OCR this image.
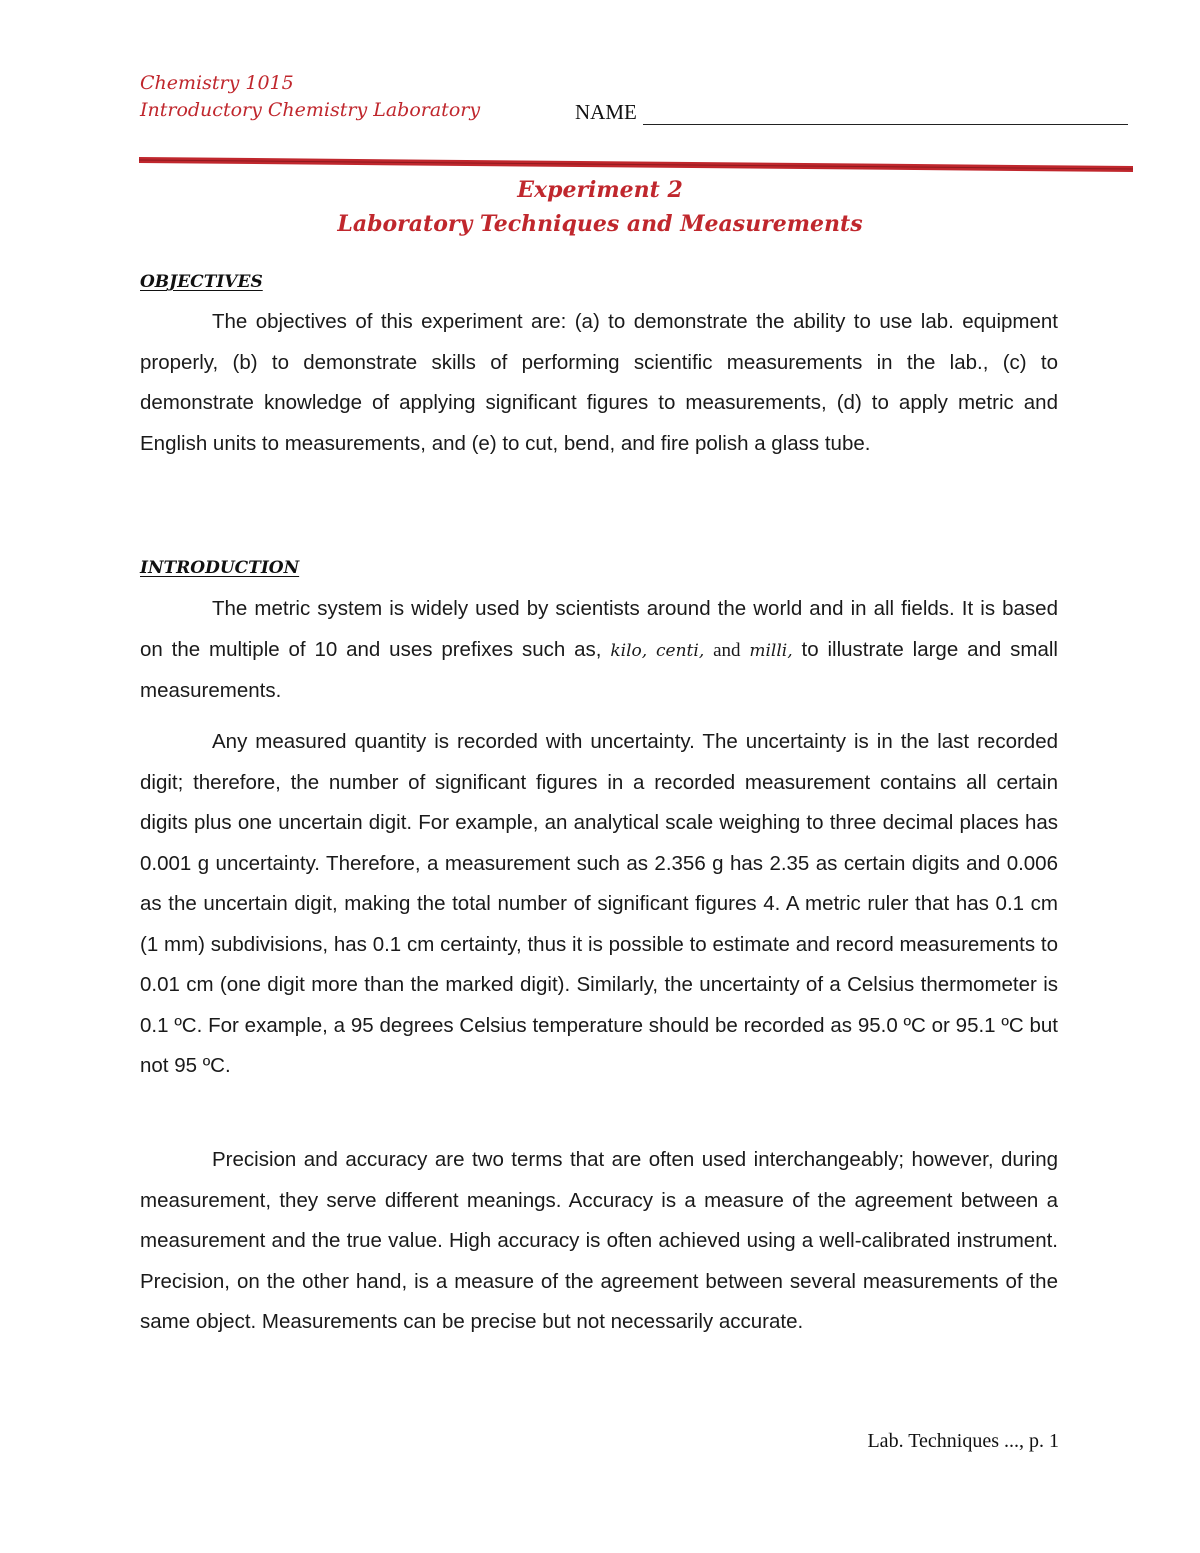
Chemistry 1015
Introductory Chemistry Laboratory	NAME
Experiment 2
Laboratory Techniques and Measurements
OBJECTIVES

The objectives of this experiment are: (a) to demonstrate the ability to use lab. equipment properly, (b) to demonstrate skills of performing scientific measurements in the lab., (c) to demonstrate knowledge of applying significant figures to measurements, (d) to apply metric and English units to measurements, and (e) to cut, bend, and fire polish a glass tube.

INTRODUCTION

The metric system is widely used by scientists around the world and in all fields. It is based on the multiple of 10 and uses prefixes such as, kilo, centi, and milli, to illustrate large and small measurements.

Any measured quantity is recorded with uncertainty. The uncertainty is in the last recorded digit; therefore, the number of significant figures in a recorded measurement contains all certain digits plus one uncertain digit. For example, an analytical scale weighing to three decimal places has 0.001 g uncertainty. Therefore, a measurement such as 2.356 g has 2.35 as certain digits and 0.006 as the uncertain digit, making the total number of significant figures 4. A metric ruler that has 0.1 cm (1 mm) subdivisions, has 0.1 cm certainty, thus it is possible to estimate and record measurements to 0.01 cm (one digit more than the marked digit). Similarly, the uncertainty of a Celsius thermometer is 0.1 ºC. For example, a 95 degrees Celsius temperature should be recorded as 95.0 ºC or 95.1 ºC but not 95 ºC.

Precision and accuracy are two terms that are often used interchangeably; however, during measurement, they serve different meanings. Accuracy is a measure of the agreement between a measurement and the true value. High accuracy is often achieved using a well-calibrated instrument. Precision, on the other hand, is a measure of the agreement between several measurements of the same object. Measurements can be precise but not necessarily accurate.

Lab. Techniques ..., p. 1
